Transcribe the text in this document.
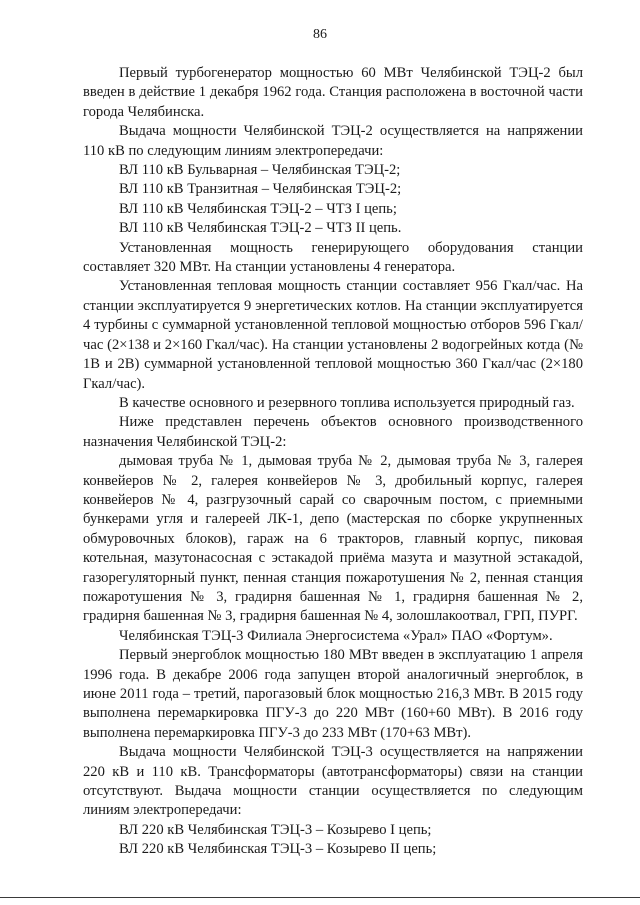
86

Первый турбогенератор мощностью 60 МВт Челябинской ТЭЦ-2 был введен в действие 1 декабря 1962 года. Станция расположена в восточной части города Челябинска.

Выдача мощности Челябинской ТЭЦ-2 осуществляется на напряжении 110 кВ по следующим линиям электропередачи:

ВЛ 110 кВ Бульварная – Челябинская ТЭЦ-2;

ВЛ 110 кВ Транзитная – Челябинская ТЭЦ-2;

ВЛ 110 кВ Челябинская ТЭЦ-2 – ЧТЗ I цепь;

ВЛ 110 кВ Челябинская ТЭЦ-2 – ЧТЗ II цепь.

Установленная мощность генерирующего оборудования станции составляет 320 МВт. На станции установлены 4 генератора.

Установленная тепловая мощность станции составляет 956 Гкал/час. На станции эксплуатируется 9 энергетических котлов. На станции эксплуатируется 4 турбины с суммарной установленной тепловой мощностью отборов 596 Гкал/час (2×138 и 2×160 Гкал/час). На станции установлены 2 водогрейных котда (№ 1В и 2В) суммарной установленной тепловой мощностью 360 Гкал/час (2×180 Гкал/час).

В качестве основного и резервного топлива используется природный газ.

Ниже представлен перечень объектов основного производственного назначения Челябинской ТЭЦ-2:

дымовая труба № 1, дымовая труба № 2, дымовая труба № 3, галерея конвейеров № 2, галерея конвейеров № 3, дробильный корпус, галерея конвейеров № 4, разгрузочный сарай со сварочным постом, с приемными бункерами угля и галереей ЛК-1, депо (мастерская по сборке укрупненных обмуровочных блоков), гараж на 6 тракторов, главный корпус, пиковая котельная, мазутонасосная с эстакадой приёма мазута и мазутной эстакадой, газорегуляторный пункт, пенная станция пожаротушения № 2, пенная станция пожаротушения № 3, градирня башенная № 1, градирня башенная № 2, градирня башенная № 3, градирня башенная № 4, золошлакоотвал, ГРП, ПУРГ.

Челябинская ТЭЦ-3 Филиала Энергосистема «Урал» ПАО «Фортум».

Первый энергоблок мощностью 180 МВт введен в эксплуатацию 1 апреля 1996 года. В декабре 2006 года запущен второй аналогичный энергоблок, в июне 2011 года – третий, парогазовый блок мощностью 216,3 МВт. В 2015 году выполнена перемаркировка ПГУ-3 до 220 МВт (160+60 МВт). В 2016 году выполнена перемаркировка ПГУ-3 до 233 МВт (170+63 МВт).

Выдача мощности Челябинской ТЭЦ-3 осуществляется на напряжении 220 кВ и 110 кВ. Трансформаторы (автотрансформаторы) связи на станции отсутствуют. Выдача мощности станции осуществляется по следующим линиям электропередачи:

ВЛ 220 кВ Челябинская ТЭЦ-3 – Козырево I цепь;

ВЛ 220 кВ Челябинская ТЭЦ-3 – Козырево II цепь;
